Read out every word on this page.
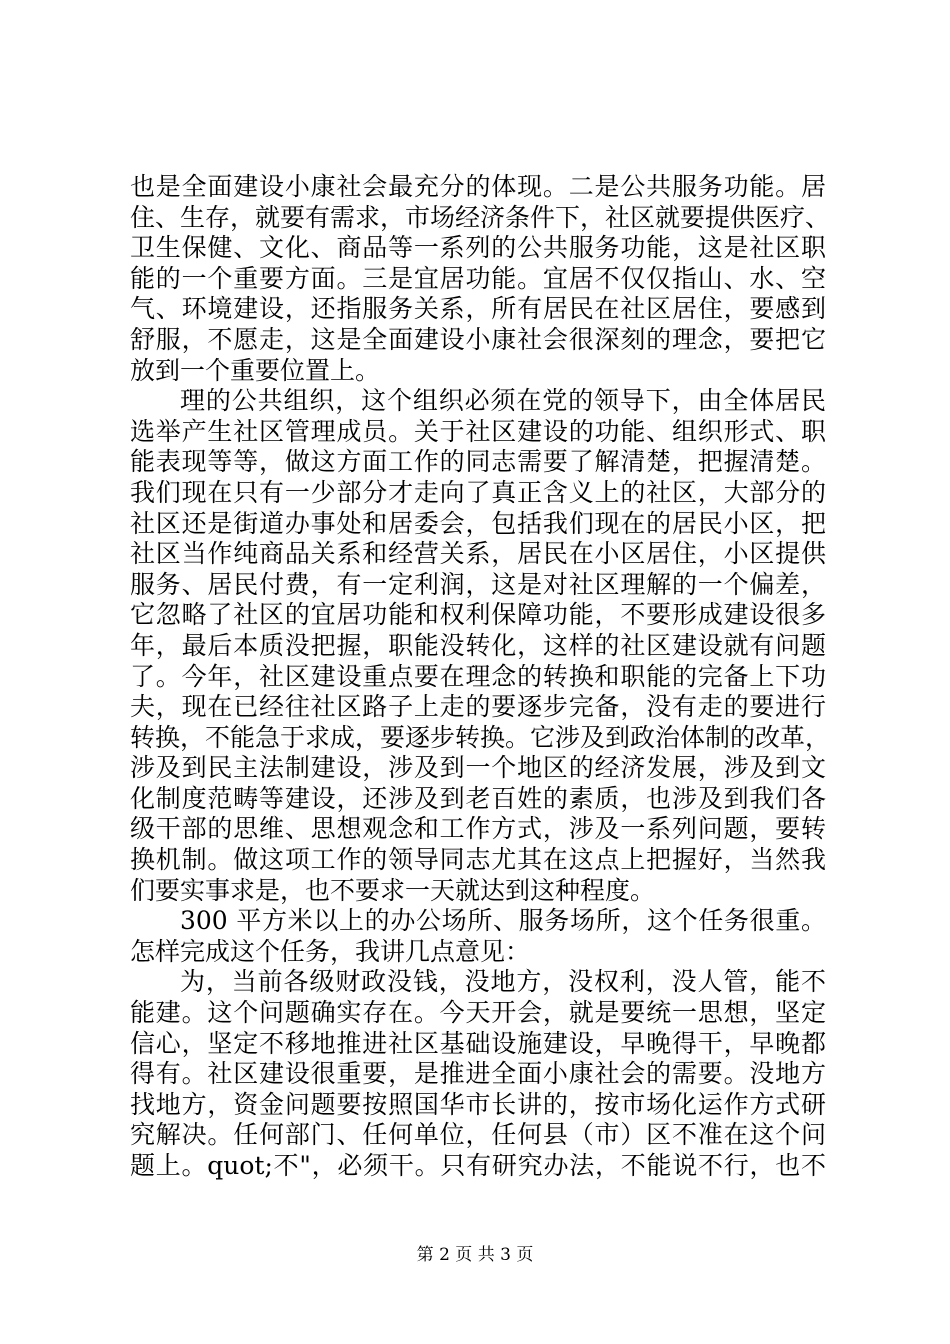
也是全面建设小康社会最充分的体现。二是公共服务功能。居
住、生存，就要有需求，市场经济条件下，社区就要提供医疗、
卫生保健、文化、商品等一系列的公共服务功能，这是社区职
能的一个重要方面。三是宜居功能。宜居不仅仅指山、水、空
气、环境建设，还指服务关系，所有居民在社区居住，要感到
舒服，不愿走，这是全面建设小康社会很深刻的理念，要把它
放到一个重要位置上。
理的公共组织，这个组织必须在党的领导下，由全体居民
选举产生社区管理成员。关于社区建设的功能、组织形式、职
能表现等等，做这方面工作的同志需要了解清楚，把握清楚。
我们现在只有一少部分才走向了真正含义上的社区，大部分的
社区还是街道办事处和居委会，包括我们现在的居民小区，把
社区当作纯商品关系和经营关系，居民在小区居住，小区提供
服务、居民付费，有一定利润，这是对社区理解的一个偏差，
它忽略了社区的宜居功能和权利保障功能，不要形成建设很多
年，最后本质没把握，职能没转化，这样的社区建设就有问题
了。今年，社区建设重点要在理念的转换和职能的完备上下功
夫，现在已经往社区路子上走的要逐步完备，没有走的要进行
转换，不能急于求成，要逐步转换。它涉及到政治体制的改革，
涉及到民主法制建设，涉及到一个地区的经济发展，涉及到文
化制度范畴等建设，还涉及到老百姓的素质，也涉及到我们各
级干部的思维、思想观念和工作方式，涉及一系列问题，要转
换机制。做这项工作的领导同志尤其在这点上把握好，当然我
们要实事求是，也不要求一天就达到这种程度。
300 平方米以上的办公场所、服务场所，这个任务很重。
怎样完成这个任务，我讲几点意见：
为，当前各级财政没钱，没地方，没权利，没人管，能不
能建。这个问题确实存在。今天开会，就是要统一思想，坚定
信心，坚定不移地推进社区基础设施建设，早晚得干，早晚都
得有。社区建设很重要，是推进全面小康社会的需要。没地方
找地方，资金问题要按照国华市长讲的，按市场化运作方式研
究解决。任何部门、任何单位，任何县（市）区不准在这个问
题上。quot;不"，必须干。只有研究办法，不能说不行，也不
第 2 页 共 3 页
